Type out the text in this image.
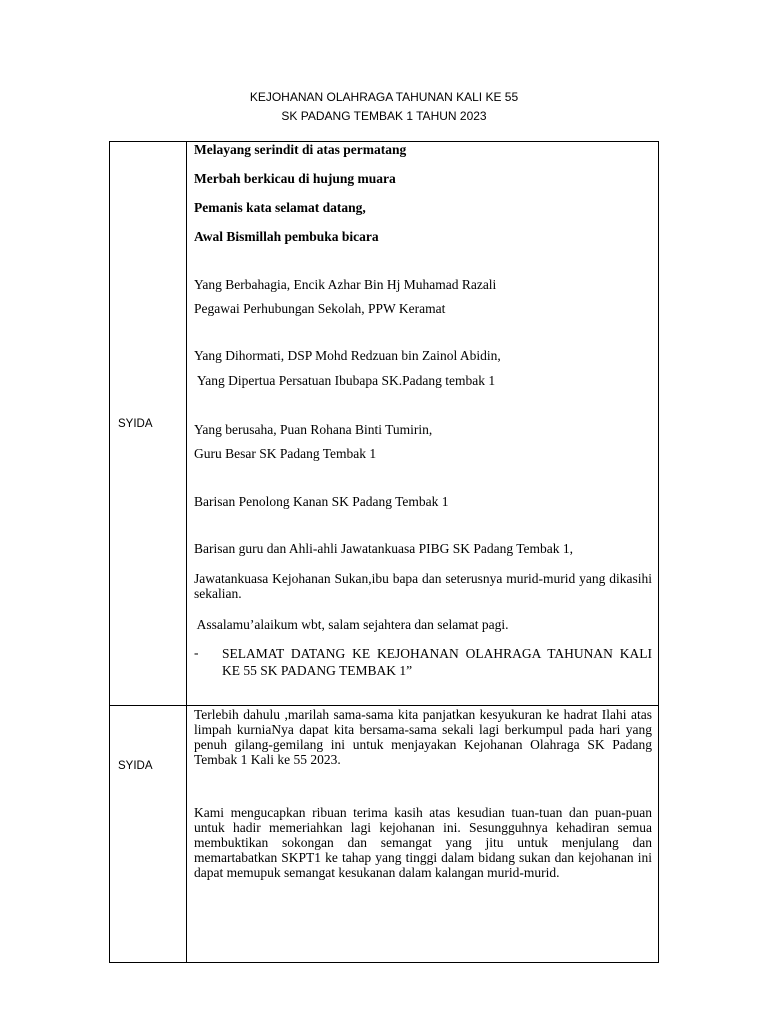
KEJOHANAN OLAHRAGA TAHUNAN KALI KE 55
SK PADANG TEMBAK 1 TAHUN 2023
SYIDA

Melayang serindit di atas permatang

Merbah berkicau di hujung muara

Pemanis kata selamat datang,

Awal Bismillah pembuka bicara

Yang Berbahagia, Encik Azhar Bin Hj Muhamad Razali

Pegawai Perhubungan Sekolah, PPW Keramat

Yang Dihormati, DSP Mohd Redzuan bin Zainol Abidin,

Yang Dipertua Persatuan Ibubapa SK.Padang tembak 1

Yang berusaha, Puan Rohana Binti Tumirin,

Guru Besar SK Padang Tembak 1

Barisan Penolong Kanan SK Padang Tembak 1

Barisan guru dan Ahli-ahli Jawatankuasa PIBG SK Padang Tembak 1,

Jawatankuasa Kejohanan Sukan,ibu bapa dan seterusnya murid-murid yang dikasihi sekalian.

Assalamu’alaikum wbt, salam sejahtera dan selamat pagi.

-	SELAMAT DATANG KE KEJOHANAN OLAHRAGA TAHUNAN KALI KE 55 SK PADANG TEMBAK 1”
SYIDA

Terlebih dahulu ,marilah sama-sama kita panjatkan kesyukuran ke hadrat Ilahi atas limpah kurniaNya dapat kita bersama-sama sekali lagi berkumpul pada hari yang penuh gilang-gemilang ini untuk menjayakan Kejohanan Olahraga SK Padang Tembak 1 Kali ke 55 2023.

Kami mengucapkan ribuan terima kasih atas kesudian tuan-tuan dan puan-puan untuk hadir memeriahkan lagi kejohanan ini. Sesungguhnya kehadiran semua membuktikan sokongan dan semangat yang jitu untuk menjulang dan memartabatkan SKPT1 ke tahap yang tinggi dalam bidang sukan dan kejohanan ini dapat memupuk semangat kesukanan dalam kalangan murid-murid.
